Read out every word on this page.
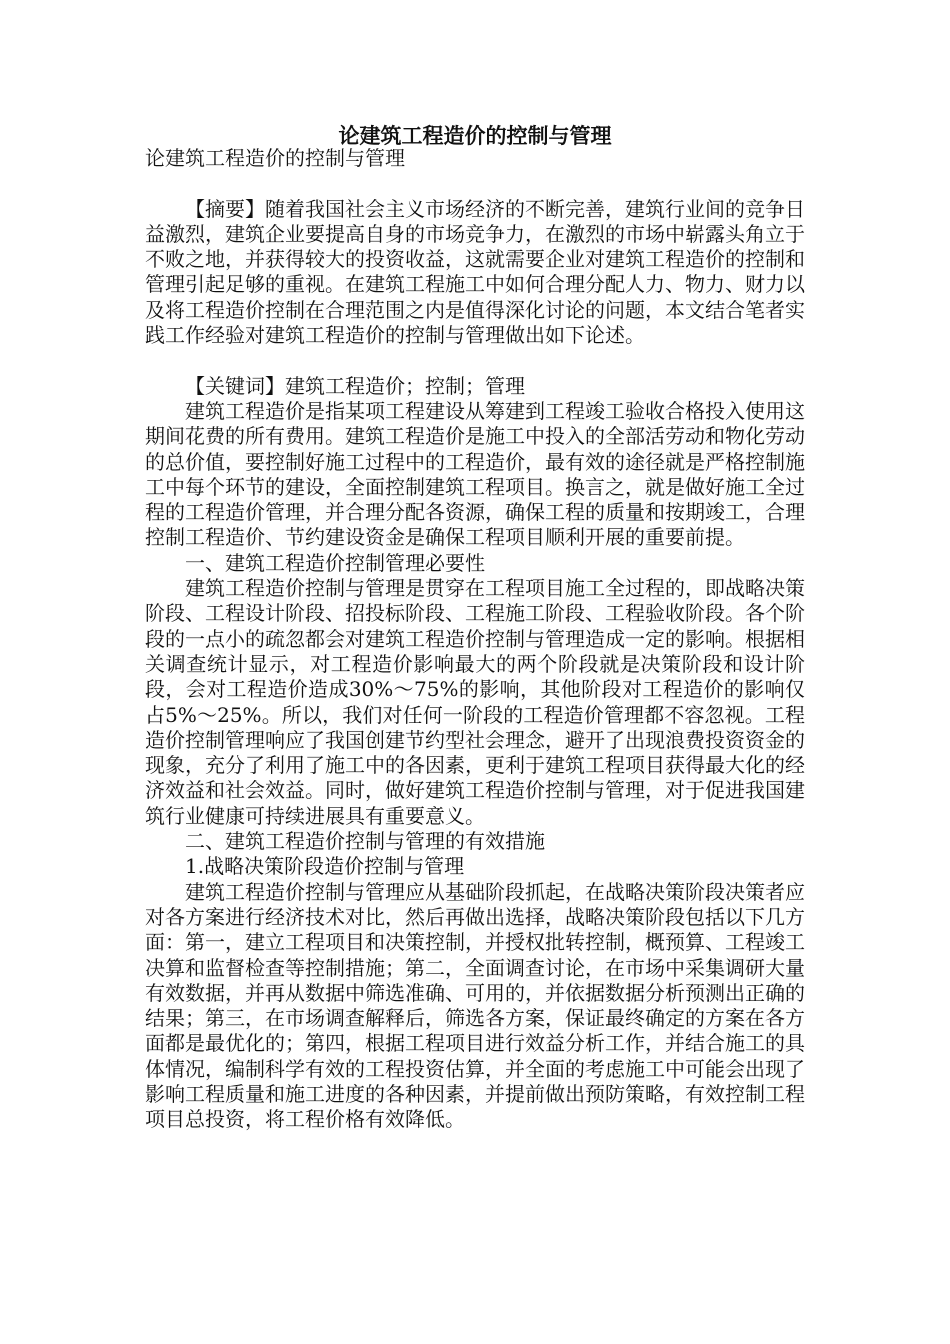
论建筑工程造价的控制与管理

论建筑工程造价的控制与管理

【摘要】随着我国社会主义市场经济的不断完善，建筑行业间的竞争日益激烈，建筑企业要提高自身的市场竞争力，在激烈的市场中崭露头角立于不败之地，并获得较大的投资收益，这就需要企业对建筑工程造价的控制和管理引起足够的重视。在建筑工程施工中如何合理分配人力、物力、财力以及将工程造价控制在合理范围之内是值得深化讨论的问题，本文结合笔者实践工作经验对建筑工程造价的控制与管理做出如下论述。

【关键词】建筑工程造价；控制；管理

建筑工程造价是指某项工程建设从筹建到工程竣工验收合格投入使用这期间花费的所有费用。建筑工程造价是施工中投入的全部活劳动和物化劳动的总价值，要控制好施工过程中的工程造价，最有效的途径就是严格控制施工中每个环节的建设，全面控制建筑工程项目。换言之，就是做好施工全过程的工程造价管理，并合理分配各资源，确保工程的质量和按期竣工，合理控制工程造价、节约建设资金是确保工程项目顺利开展的重要前提。

一、建筑工程造价控制管理必要性

建筑工程造价控制与管理是贯穿在工程项目施工全过程的，即战略决策阶段、工程设计阶段、招投标阶段、工程施工阶段、工程验收阶段。各个阶段的一点小的疏忽都会对建筑工程造价控制与管理造成一定的影响。根据相关调查统计显示，对工程造价影响最大的两个阶段就是决策阶段和设计阶段，会对工程造价造成30%～75%的影响，其他阶段对工程造价的影响仅占5%～25%。所以，我们对任何一阶段的工程造价管理都不容忽视。工程造价控制管理响应了我国创建节约型社会理念，避开了出现浪费投资资金的现象，充分了利用了施工中的各因素，更利于建筑工程项目获得最大化的经济效益和社会效益。同时，做好建筑工程造价控制与管理，对于促进我国建筑行业健康可持续进展具有重要意义。

二、建筑工程造价控制与管理的有效措施

1.战略决策阶段造价控制与管理

建筑工程造价控制与管理应从基础阶段抓起，在战略决策阶段决策者应对各方案进行经济技术对比，然后再做出选择，战略决策阶段包括以下几方面：第一，建立工程项目和决策控制，并授权批转控制，概预算、工程竣工决算和监督检查等控制措施；第二，全面调查讨论，在市场中采集调研大量有效数据，并再从数据中筛选准确、可用的，并依据数据分析预测出正确的结果；第三，在市场调查解释后，筛选各方案，保证最终确定的方案在各方面都是最优化的；第四，根据工程项目进行效益分析工作，并结合施工的具体情况，编制科学有效的工程投资估算，并全面的考虑施工中可能会出现了影响工程质量和施工进度的各种因素，并提前做出预防策略，有效控制工程项目总投资，将工程价格有效降低。
